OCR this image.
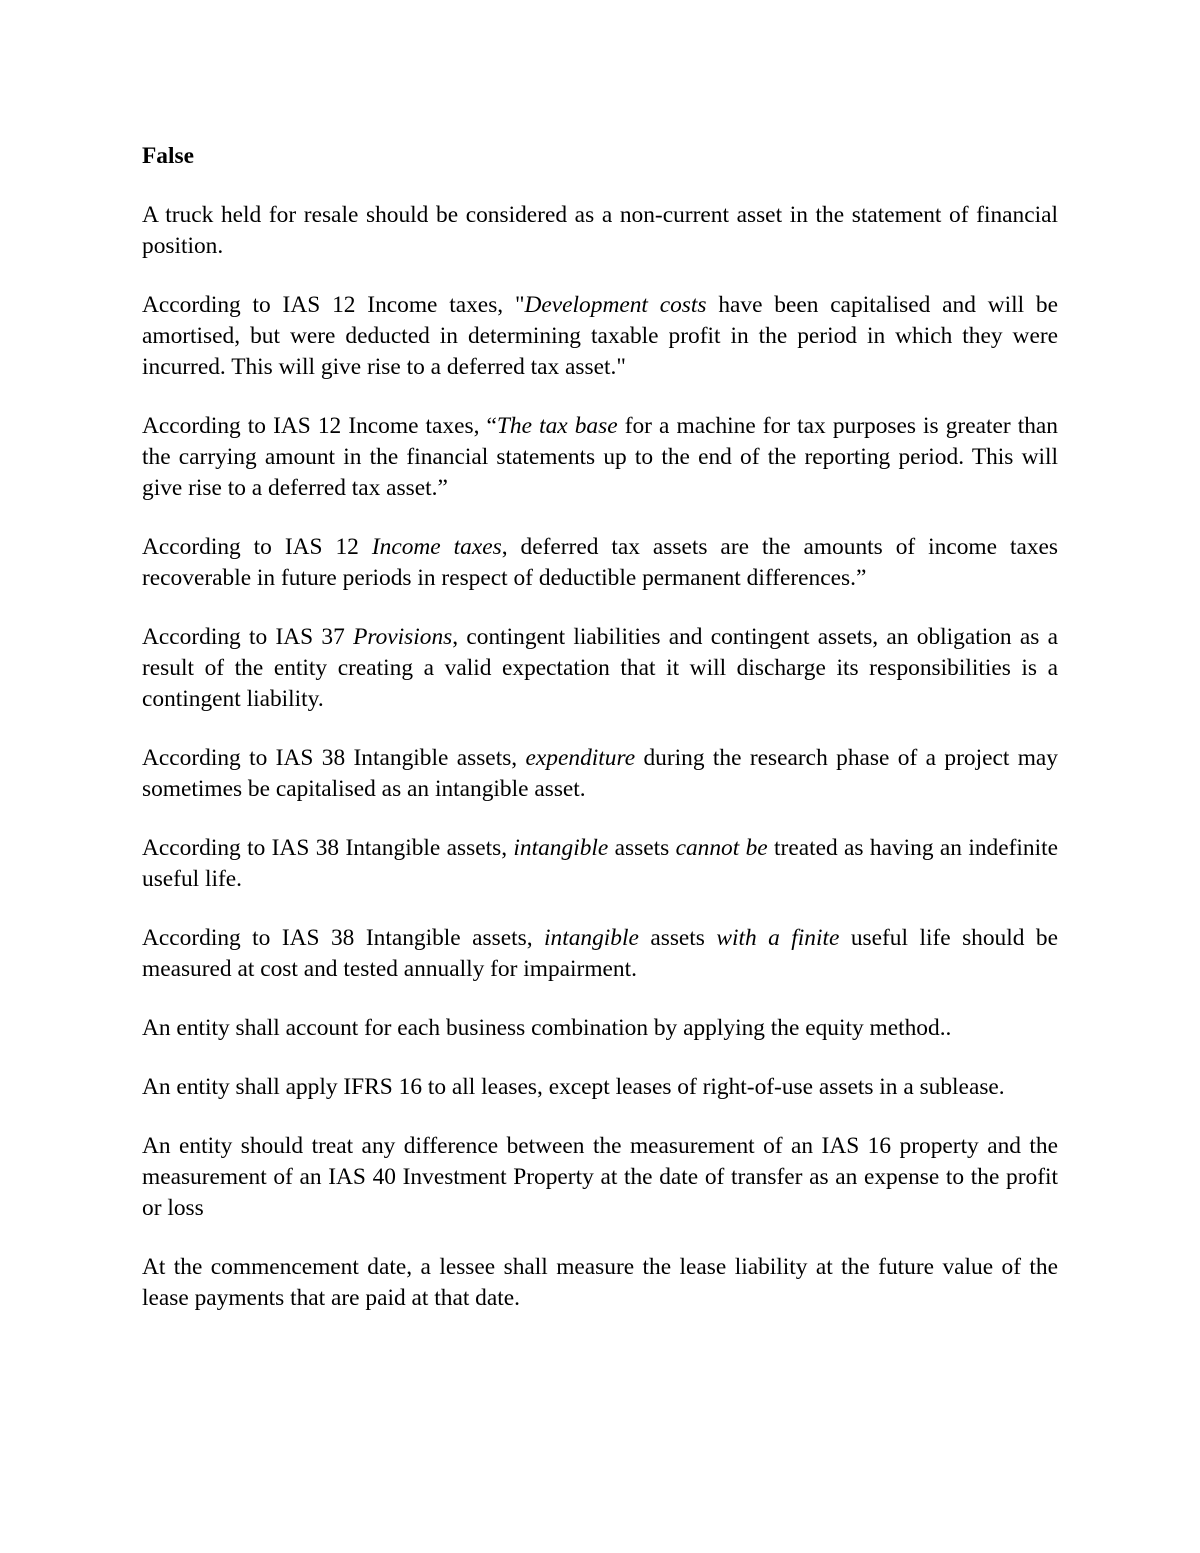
False

A truck held for resale should be considered as a non-current asset in the statement of financial position.

According to IAS 12 Income taxes, "Development costs have been capitalised and will be amortised, but were deducted in determining taxable profit in the period in which they were incurred. This will give rise to a deferred tax asset."

According to IAS 12 Income taxes, “The tax base for a machine for tax purposes is greater than the carrying amount in the financial statements up to the end of the reporting period. This will give rise to a deferred tax asset.”

According to IAS 12 Income taxes, deferred tax assets are the amounts of income taxes recoverable in future periods in respect of deductible permanent differences.”

According to IAS 37 Provisions, contingent liabilities and contingent assets, an obligation as a result of the entity creating a valid expectation that it will discharge its responsibilities is a contingent liability.

According to IAS 38 Intangible assets, expenditure during the research phase of a project may sometimes be capitalised as an intangible asset.

According to IAS 38 Intangible assets, intangible assets cannot be treated as having an indefinite useful life.

According to IAS 38 Intangible assets, intangible assets with a finite useful life should be measured at cost and tested annually for impairment.

An entity shall account for each business combination by applying the equity method..

An entity shall apply IFRS 16 to all leases, except leases of right-of-use assets in a sublease.

An entity should treat any difference between the measurement of an IAS 16 property and the measurement of an IAS 40 Investment Property at the date of transfer as an expense to the profit or loss

At the commencement date, a lessee shall measure the lease liability at the future value of the lease payments that are paid at that date.
